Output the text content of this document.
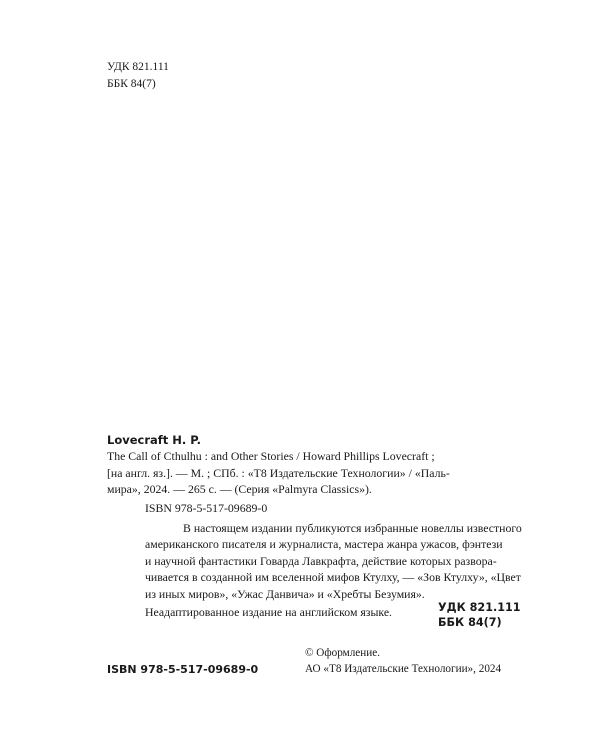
УДК 821.111
ББК 84(7)
Lovecraft H. P.
The Call of Cthulhu : and Other Stories / Howard Phillips Lovecraft ;
[на англ. яз.]. — М. ; СПб. : «Т8 Издательские Технологии» / «Паль-
мира», 2024. — 265 с. — (Серия «Palmyra Classics»).
ISBN 978-5-517-09689-0
В настоящем издании публикуются избранные новеллы известного
американского писателя и журналиста, мастера жанра ужасов, фэнтези
и научной фантастики Говарда Лавкрафта, действие которых развора-
чивается в созданной им вселенной мифов Ктулху, — «Зов Ктулху», «Цвет
из иных миров», «Ужас Данвича» и «Хребты Безумия».
Неадаптированное издание на английском языке.	УДК 821.111
ББК 84(7)
© Оформление.
АО «Т8 Издательские Технологии», 2024
ISBN 978-5-517-09689-0
